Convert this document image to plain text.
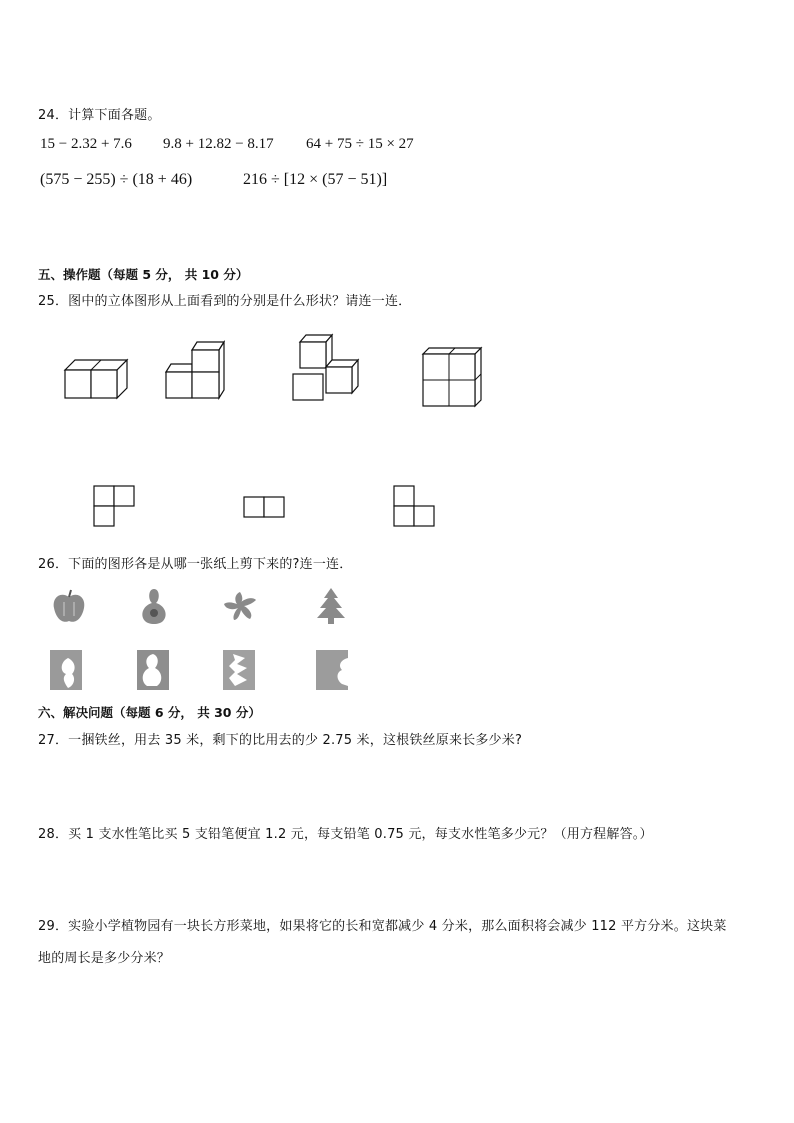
24．计算下面各题。
15 − 2.32 + 7.6 9.8 + 12.82 − 8.17 64 + 75 ÷ 15 × 27
(575 − 255) ÷ (18 + 46)	216 ÷ [12 × (57 − 51)]
五、操作题（每题 5 分， 共 10 分）
25．图中的立体图形从上面看到的分别是什么形状？请连一连．
26．下面的图形各是从哪一张纸上剪下来的?连一连．
六、解决问题（每题 6 分， 共 30 分）
27．一捆铁丝，用去 35 米，剩下的比用去的少 2.75 米，这根铁丝原来长多少米?
28．买 1 支水性笔比买 5 支铅笔便宜 1.2 元，每支铅笔 0.75 元，每支水性笔多少元？（用方程解答。）
29．实验小学植物园有一块长方形菜地，如果将它的长和宽都减少 4 分米，那么面积将会减少 112 平方分米。这块菜
地的周长是多少分米？
